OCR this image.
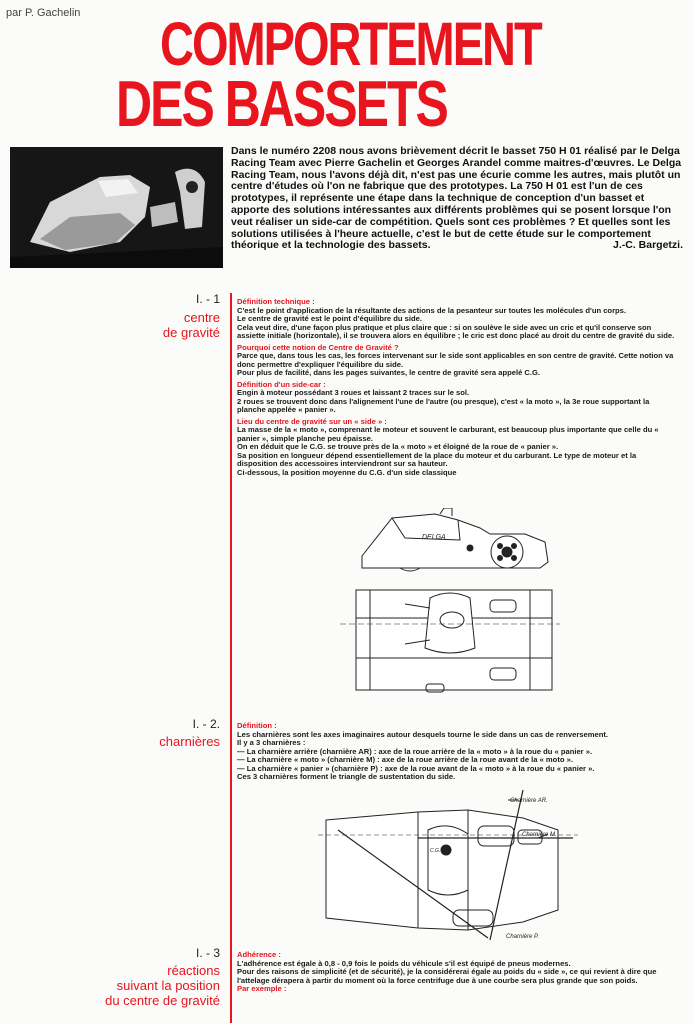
par P. Gachelin COMPORTEMENT
DES BASSETS
Dans le numéro 2208 nous avons brièvement décrit le basset 750 H 01 réalisé par le Delga Racing Team avec Pierre Gachelin et Georges Arandel comme maitres-d'œuvres. Le Delga Racing Team, nous l'avons déjà dit, n'est pas une écurie comme les autres, mais plutôt un centre d'études où l'on ne fabrique que des prototypes. La 750 H 01 est l'un de ces prototypes, il représente une étape dans la technique de conception d'un basset et apporte des solutions intéressantes aux différents problèmes qui se posent lorsque l'on veut réaliser un side-car de compétition. Quels sont ces problèmes ? Et quelles sont les solutions utilisées à l'heure actuelle, c'est le but de cette étude sur le comportement théorique et la technologie des bassets.	J.-C. Bargetzi.
I. - 1
centre
de gravité
Définition technique :
C'est le point d'application de la résultante des actions de la pesanteur sur toutes les molécules d'un corps.
Le centre de gravité est le point d'équilibre du side.
Cela veut dire, d'une façon plus pratique et plus claire que : si on soulève le side avec un cric et qu'il conserve son assiette initiale (horizontale), il se trouvera alors en équilibre ; le cric est donc placé au droit du centre de gravité du side.
Pourquoi cette notion de Centre de Gravité ?
Parce que, dans tous les cas, les forces intervenant sur le side sont applicables en son centre de gravité. Cette notion va donc permettre d'expliquer l'équilibre du side.
Pour plus de facilité, dans les pages suivantes, le centre de gravité sera appelé C.G.
Définition d'un side-car :
Engin à moteur possédant 3 roues et laissant 2 traces sur le sol.
2 roues se trouvent donc dans l'alignement l'une de l'autre (ou presque), c'est « la moto », la 3e roue supportant la planche appelée « panier ».
Lieu du centre de gravité sur un « side » :
La masse de la « moto », comprenant le moteur et souvent le carburant, est beaucoup plus importante que celle du « panier », simple planche peu épaisse.
On en déduit que le C.G. se trouve près de la « moto » et éloigné de la roue de « panier ».
Sa position en longueur dépend essentiellement de la place du moteur et du carburant. Le type de moteur et la disposition des accessoires interviendront sur sa hauteur.
Ci-dessous, la position moyenne du C.G. d'un side classique
DELGA
I. - 2.
charnières
Définition :
Les charnières sont les axes imaginaires autour desquels tourne le side dans un cas de renversement.
Il y a 3 charnières :
— La charnière arrière (charnière AR) : axe de la roue arrière de la « moto » à la roue du « panier ».
— La charnière « moto » (charnière M) : axe de la roue arrière de la roue avant de la « moto ».
— La charnière « panier » (charnière P) : axe de la roue avant de la « moto » à la roue du « panier ».
Ces 3 charnières forment le triangle de sustentation du side.
Charnière AR.
Charnière M.
Charnière P.
C.G.
I. - 3
réactions
suivant la position
du centre de gravité
Adhérence :
L'adhérence est égale à 0,8 - 0,9 fois le poids du véhicule s'il est équipé de pneus modernes.
Pour des raisons de simplicité (et de sécurité), je la considérerai égale au poids du « side », ce qui revient à dire que l'attelage dérapera à partir du moment où la force centrifuge due à une courbe sera plus grande que son poids.
Par exemple :
